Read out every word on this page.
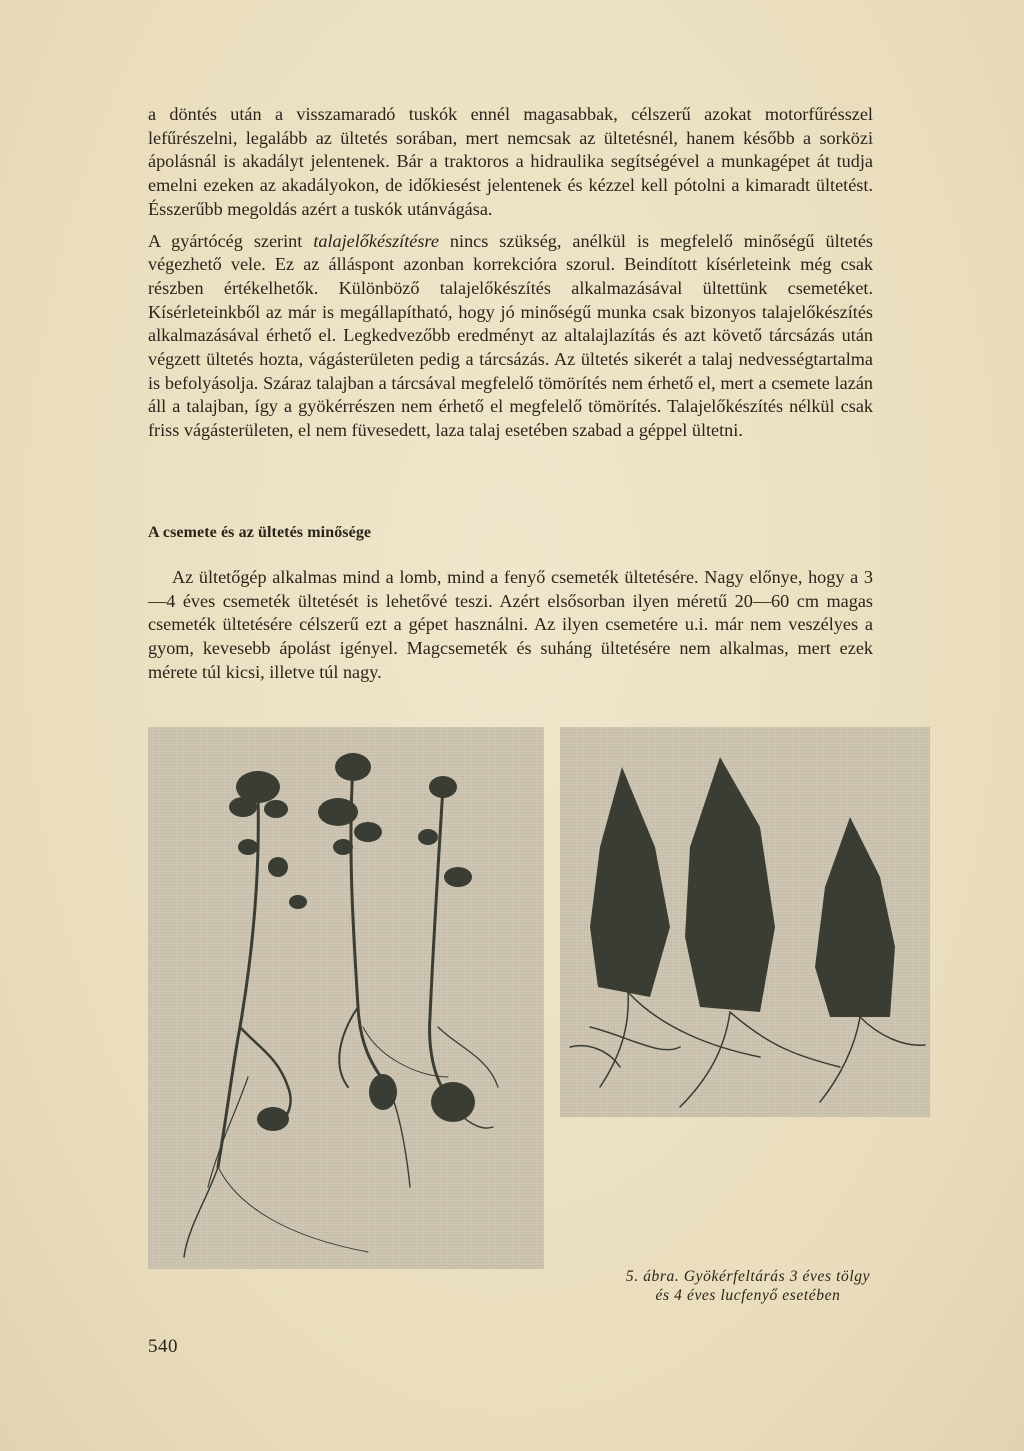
a döntés után a visszamaradó tuskók ennél magasabbak, célszerű azokat motorfűrésszel lefűrészelni, legalább az ültetés sorában, mert nemcsak az ültetésnél, hanem később a sorközi ápolásnál is akadályt jelentenek. Bár a traktoros a hidraulika segítségével a munkagépet át tudja emelni ezeken az akadályokon, de időkiesést jelentenek és kézzel kell pótolni a kimaradt ültetést. Ésszerűbb megoldás azért a tuskók utánvágása.

A gyártócég szerint talajelőkészítésre nincs szükség, anélkül is megfelelő minőségű ültetés végezhető vele. Ez az álláspont azonban korrekcióra szorul. Beindított kísérleteink még csak részben értékelhetők. Különböző talajelőkészítés alkalmazásával ültettünk csemetéket. Kísérleteinkből az már is megállapítható, hogy jó minőségű munka csak bizonyos talajelőkészítés alkalmazásával érhető el. Legkedvezőbb eredményt az altalajlazítás és azt követő tárcsázás után végzett ültetés hozta, vágásterületen pedig a tárcsázás. Az ültetés sikerét a talaj nedvességtartalma is befolyásolja. Száraz talajban a tárcsával megfelelő tömörítés nem érhető el, mert a csemete lazán áll a talajban, így a gyökérrészen nem érhető el megfelelő tömörítés. Talajelőkészítés nélkül csak friss vágásterületen, el nem füvesedett, laza talaj esetében szabad a géppel ültetni.

A csemete és az ültetés minősége

Az ültetőgép alkalmas mind a lomb, mind a fenyő csemeték ültetésére. Nagy előnye, hogy a 3—4 éves csemeték ültetését is lehetővé teszi. Azért elsősorban ilyen méretű 20—60 cm magas csemeték ültetésére célszerű ezt a gépet használni. Az ilyen csemetére u.i. már nem veszélyes a gyom, kevesebb ápolást igényel. Magcsemeték és suháng ültetésére nem alkalmas, mert ezek mérete túl kicsi, illetve túl nagy.

5. ábra. Gyökérfeltárás 3 éves tölgy
és 4 éves lucfenyő esetében
540
